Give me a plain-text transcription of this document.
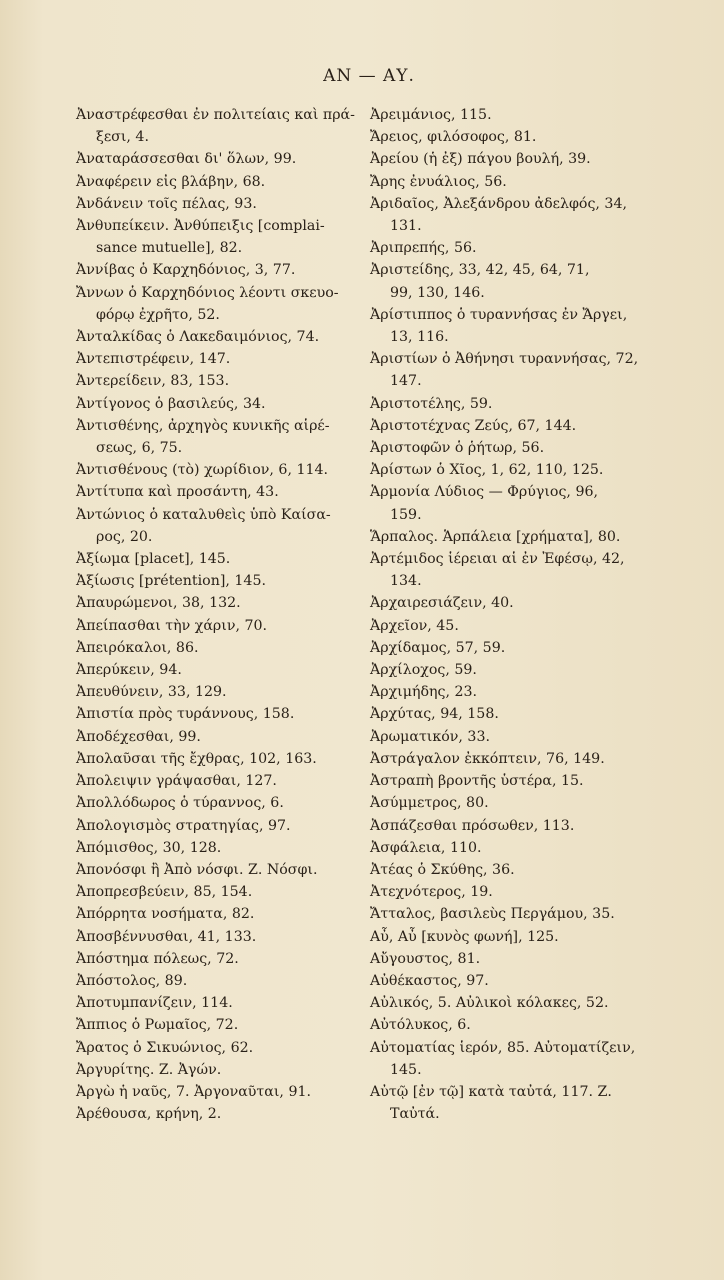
ΑΝ — ΑΥ.
Ἀναστρέφεσθαι ἐν πολιτείαις καὶ πρά-
ξεσι, 4.
Ἀναταράσσεσθαι δι' ὅλων, 99.
Ἀναφέρειν εἰς βλάβην, 68.
Ἀνδάνειν τοῖς πέλας, 93.
Ἀνθυπείκειν. Ἀνθύπειξις [complai-
sance mutuelle], 82.
Ἀννίβας ὁ Καρχηδόνιος, 3, 77.
Ἄννων ὁ Καρχηδόνιος λέοντι σκευο-
φόρῳ ἐχρῆτο, 52.
Ἀνταλκίδας ὁ Λακεδαιμόνιος, 74.
Ἀντεπιστρέφειν, 147.
Ἀντερείδειν, 83, 153.
Ἀντίγονος ὁ βασιλεύς, 34.
Ἀντισθένης, ἀρχηγὸς κυνικῆς αἱρέ-
σεως, 6, 75.
Ἀντισθένους (τὸ) χωρίδιον, 6, 114.
Ἀντίτυπα καὶ προσάντη, 43.
Ἀντώνιος ὁ καταλυθεὶς ὑπὸ Καίσα-
ρος, 20.
Ἀξίωμα [placet], 145.
Ἀξίωσις [prétention], 145.
Ἀπαυρώμενοι, 38, 132.
Ἀπείπασθαι τὴν χάριν, 70.
Ἀπειρόκαλοι, 86.
Ἀπερύκειν, 94.
Ἀπευθύνειν, 33, 129.
Ἀπιστία πρὸς τυράννους, 158.
Ἀποδέχεσθαι, 99.
Ἀπολαῦσαι τῆς ἔχθρας, 102, 163.
Ἀπολειψιν γράψασθαι, 127.
Ἀπολλόδωρος ὁ τύραννος, 6.
Ἀπολογισμὸς στρατηγίας, 97.
Ἀπόμισθος, 30, 128.
Ἀπονόσφι ἢ Ἀπὸ νόσφι. Ζ. Νόσφι.
Ἀποπρεσβεύειν, 85, 154.
Ἀπόρρητα νοσήματα, 82.
Ἀποσβέννυσθαι, 41, 133.
Ἀπόστημα πόλεως, 72.
Ἀπόστολος, 89.
Ἀποτυμπανίζειν, 114.
Ἄππιος ὁ Ρωμαῖος, 72.
Ἄρατος ὁ Σικυώνιος, 62.
Ἀργυρίτης. Ζ. Ἀγών.
Ἀργὼ ἡ ναῦς, 7. Ἀργοναῦται, 91.
Ἀρέθουσα, κρήνη, 2.
Ἀρειμάνιος, 115.
Ἄρειος, φιλόσοφος, 81.
Ἀρείου (ἡ ἐξ) πάγου βουλή, 39.
Ἄρης ἐνυάλιος, 56.
Ἀριδαῖος, Ἀλεξάνδρου ἀδελφός, 34,
131.
Ἀριπρεπής, 56.
Ἀριστείδης, 33, 42, 45, 64, 71,
99, 130, 146.
Ἀρίστιππος ὁ τυραννήσας ἐν Ἄργει,
13, 116.
Ἀριστίων ὁ Ἀθήνησι τυραννήσας, 72,
147.
Ἀριστοτέλης, 59.
Ἀριστοτέχνας Ζεύς, 67, 144.
Ἀριστοφῶν ὁ ῥήτωρ, 56.
Ἀρίστων ὁ Χῖος, 1, 62, 110, 125.
Ἁρμονία Λύδιος — Φρύγιος, 96,
159.
Ἅρπαλος. Ἁρπάλεια [χρήματα], 80.
Ἀρτέμιδος ἱέρειαι αἱ ἐν Ἐφέσῳ, 42,
134.
Ἀρχαιρεσιάζειν, 40.
Ἀρχεῖον, 45.
Ἀρχίδαμος, 57, 59.
Ἀρχίλοχος, 59.
Ἀρχιμήδης, 23.
Ἀρχύτας, 94, 158.
Ἀρωματικόν, 33.
Ἀστράγαλον ἐκκόπτειν, 76, 149.
Ἀστραπὴ βροντῆς ὑστέρα, 15.
Ἀσύμμετρος, 80.
Ἀσπάζεσθαι πρόσωθεν, 113.
Ἀσφάλεια, 110.
Ἀτέας ὁ Σκύθης, 36.
Ἀτεχνότερος, 19.
Ἄτταλος, βασιλεὺς Περγάμου, 35.
Αὖ, Αὖ [κυνὸς φωνή], 125.
Αὔγουστος, 81.
Αὐθέκαστος, 97.
Αὐλικός, 5. Αὐλικοὶ κόλακες, 52.
Αὐτόλυκος, 6.
Αὐτοματίας ἱερόν, 85. Αὐτοματίζειν,
145.
Αὐτῷ [ἐν τῷ] κατὰ ταὐτά, 117. Ζ.
Ταὐτά.
